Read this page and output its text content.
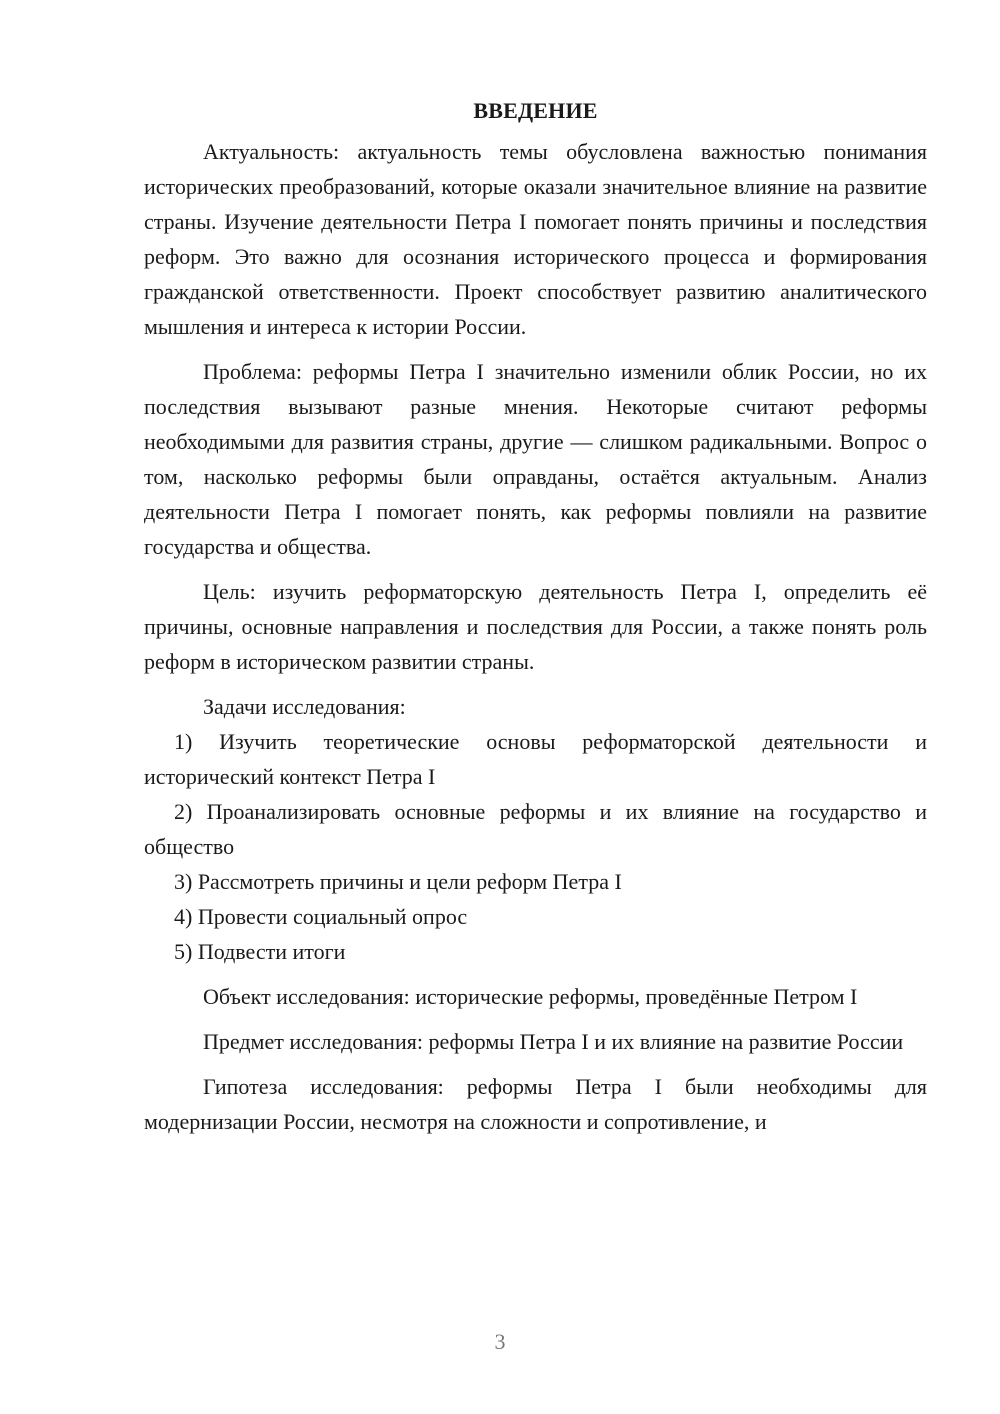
ВВЕДЕНИЕ

Актуальность: актуальность темы обусловлена важностью понимания исторических преобразований, которые оказали значительное влияние на развитие страны. Изучение деятельности Петра I помогает понять причины и последствия реформ. Это важно для осознания исторического процесса и формирования гражданской ответственности. Проект способствует развитию аналитического мышления и интереса к истории России.

Проблема: реформы Петра I значительно изменили облик России, но их последствия вызывают разные мнения. Некоторые считают реформы необходимыми для развития страны, другие — слишком радикальными. Вопрос о том, насколько реформы были оправданы, остаётся актуальным. Анализ деятельности Петра I помогает понять, как реформы повлияли на развитие государства и общества.

Цель: изучить реформаторскую деятельность Петра I, определить её причины, основные направления и последствия для России, а также понять роль реформ в историческом развитии страны.

Задачи исследования:

1) Изучить теоретические основы реформаторской деятельности и исторический контекст Петра I

2) Проанализировать основные реформы и их влияние на государство и общество

3) Рассмотреть причины и цели реформ Петра I

4) Провести социальный опрос

5) Подвести итоги

Объект исследования: исторические реформы, проведённые Петром I

Предмет исследования: реформы Петра I и их влияние на развитие России

Гипотеза исследования: реформы Петра I были необходимы для модернизации России, несмотря на сложности и сопротивление, и

3
